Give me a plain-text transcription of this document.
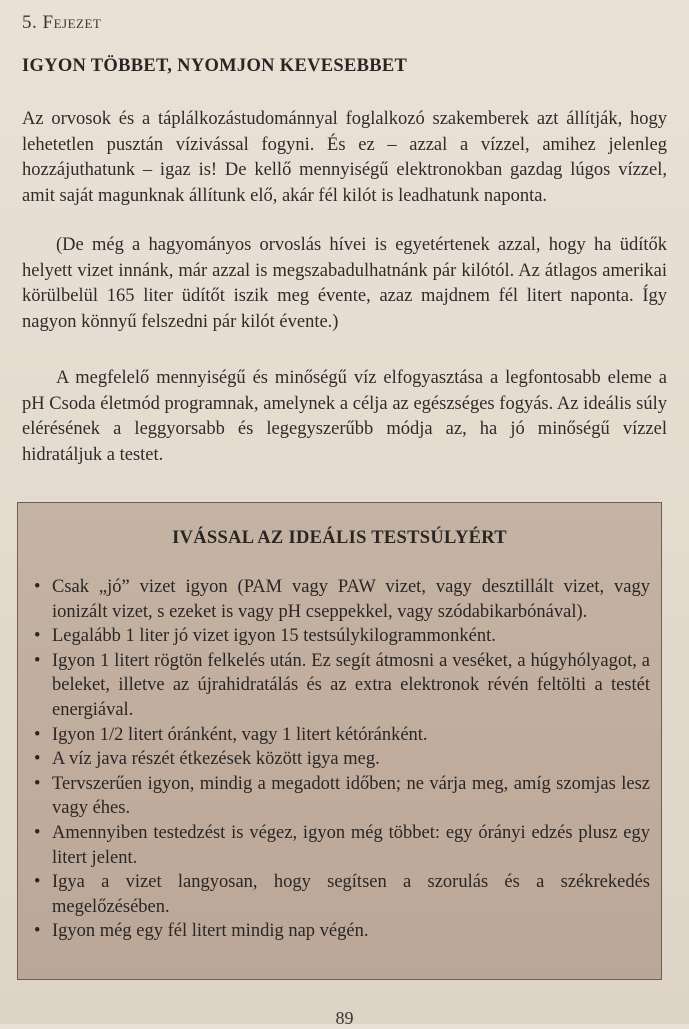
5. Fejezet
IGYON TÖBBET, NYOMJON KEVESEBBET

Az orvosok és a táplálkozástudománnyal foglalkozó szakemberek azt állítják, hogy lehetetlen pusztán vízivással fogyni. És ez – azzal a vízzel, amihez jelenleg hozzájuthatunk – igaz is! De kellő mennyiségű elektronokban gazdag lúgos vízzel, amit saját magunknak állítunk elő, akár fél kilót is leadhatunk naponta.

(De még a hagyományos orvoslás hívei is egyetértenek azzal, hogy ha üdítők helyett vizet innánk, már azzal is megszabadulhatnánk pár kilótól. Az átlagos amerikai körülbelül 165 liter üdítőt iszik meg évente, azaz majdnem fél litert naponta. Így nagyon könnyű felszedni pár kilót évente.)

A megfelelő mennyiségű és minőségű víz elfogyasztása a legfontosabb eleme a pH Csoda életmód programnak, amelynek a célja az egészséges fogyás. Az ideális súly elérésének a leggyorsabb és legegyszerűbb módja az, ha jó minőségű vízzel hidratáljuk a testet.

IVÁSSAL AZ IDEÁLIS TESTSÚLYÉRT
• Csak „jó” vizet igyon (PAM vagy PAW vizet, vagy desztillált vizet, vagy ionizált vizet, s ezeket is vagy pH cseppekkel, vagy szódabikarbónával).
• Legalább 1 liter jó vizet igyon 15 testsúlykilogrammonként.
• Igyon 1 litert rögtön felkelés után. Ez segít átmosni a veséket, a húgyhólyagot, a beleket, illetve az újrahidratálás és az extra elektronok révén feltölti a testét energiával.
• Igyon 1/2 litert óránként, vagy 1 litert kétóránként.
• A víz java részét étkezések között igya meg.
• Tervszerűen igyon, mindig a megadott időben; ne várja meg, amíg szomjas lesz vagy éhes.
• Amennyiben testedzést is végez, igyon még többet: egy órányi edzés plusz egy litert jelent.
• Igya a vizet langyosan, hogy segítsen a szorulás és a székrekedés megelőzésében.
• Igyon még egy fél litert mindig nap végén.
89
